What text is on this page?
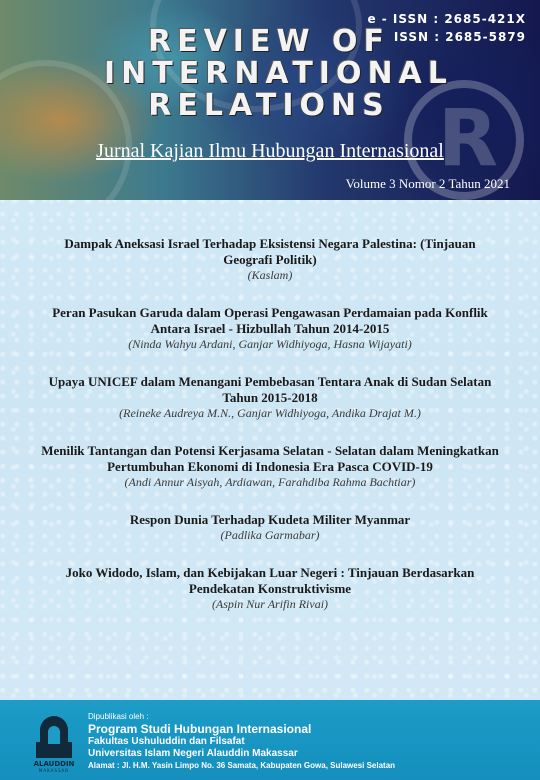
R
e - ISSN : 2685-421X
ISSN : 2685-5879
REVIEW OF
INTERNATIONAL
RELATIONS
Jurnal Kajian Ilmu Hubungan Internasional
Volume 3 Nomor 2 Tahun 2021
Dampak Aneksasi Israel Terhadap Eksistensi Negara Palestina: (Tinjauan Geografi Politik)
(Kaslam)
Peran Pasukan Garuda dalam Operasi Pengawasan Perdamaian pada Konflik Antara Israel - Hizbullah Tahun 2014-2015
(Ninda Wahyu Ardani, Ganjar Widhiyoga, Hasna Wijayati)
Upaya UNICEF dalam Menangani Pembebasan Tentara Anak di Sudan Selatan Tahun 2015-2018
(Reineke Audreya M.N., Ganjar Widhiyoga, Andika Drajat M.)
Menilik Tantangan dan Potensi Kerjasama Selatan - Selatan dalam Meningkatkan Pertumbuhan Ekonomi di Indonesia Era Pasca COVID-19
(Andi Annur Aisyah, Ardiawan, Farahdiba Rahma Bachtiar)
Respon Dunia Terhadap Kudeta Militer Myanmar
(Padlika Garmabar)
Joko Widodo, Islam, dan Kebijakan Luar Negeri : Tinjauan Berdasarkan Pendekatan Konstruktivisme
(Aspin Nur Arifin Rivai)
ALAUDDIN
MAKASSAR
Dipublikasi oleh :
Program Studi Hubungan Internasional
Fakultas Ushuluddin dan Filsafat
Universitas Islam Negeri Alauddin Makassar
Alamat : Jl. H.M. Yasin Limpo No. 36 Samata, Kabupaten Gowa, Sulawesi Selatan
